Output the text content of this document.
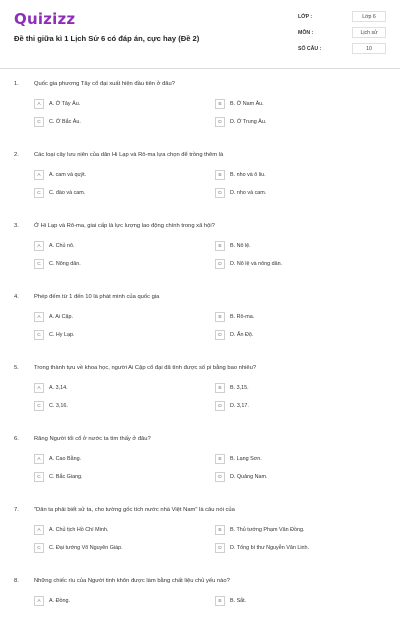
Quizizz
Đề thi giữa kì 1 Lịch Sử 6 có đáp án, cực hay (Đề 2)
LỚP :	Lớp 6
MÔN :	Lịch sử
SỐ CÂU :	10
1.	Quốc gia phương Tây cổ đại xuất hiện đầu tiên ở đâu?
A	A. Ở Tây Âu.	B	B. Ở Nam Âu.
C	C. Ở Bắc Âu.	D	D. Ở Trung Âu.
2.	Các loại cây lưu niên của dân Hi Lạp và Rô-ma lựa chọn để trồng thêm là
A	A. cam và quýt.	B	B. nho và ô liu.
C	C. đào và cam.	D	D. nho và cam.
3.	Ở Hi Lạp và Rô-ma, giai cấp là lực lượng lao động chính trong xã hội?
A	A. Chủ nô.	B	B. Nô lệ.
C	C. Nông dân.	D	D. Nô lệ và nông dân.
4.	Phép đếm từ 1 đến 10 là phát minh của quốc gia
A	A. Ai Cập.	B	B. Rô-ma.
C	C. Hy Lạp.	D	D. Ấn Độ.
5.	Trong thành tựu về khoa học, người Ai Cập cổ đại đã tính được số pi bằng bao nhiêu?
A	A. 3,14.	B	B. 3,15.
C	C. 3,16.	D	D. 3,17.
6.	Răng Người tối cổ ở nước ta tìm thấy ở đâu?
A	A. Cao Bằng.	B	B. Lạng Sơn.
C	C. Bắc Giang.	D	D. Quảng Nam.
7.	"Dân ta phải biết sử ta, cho tường gốc tích nước nhà Việt Nam" là câu nói của
A	A. Chủ tịch Hồ Chí Minh.	B	B. Thủ tướng Phạm Văn Đồng.
C	C. Đại tướng Võ Nguyên Giáp.	D	D. Tổng bí thư Nguyễn Văn Linh.
8.	Những chiếc rìu của Người tinh khôn được làm bằng chất liệu chủ yếu nào?
A	A. Đồng.	B	B. Sắt.
